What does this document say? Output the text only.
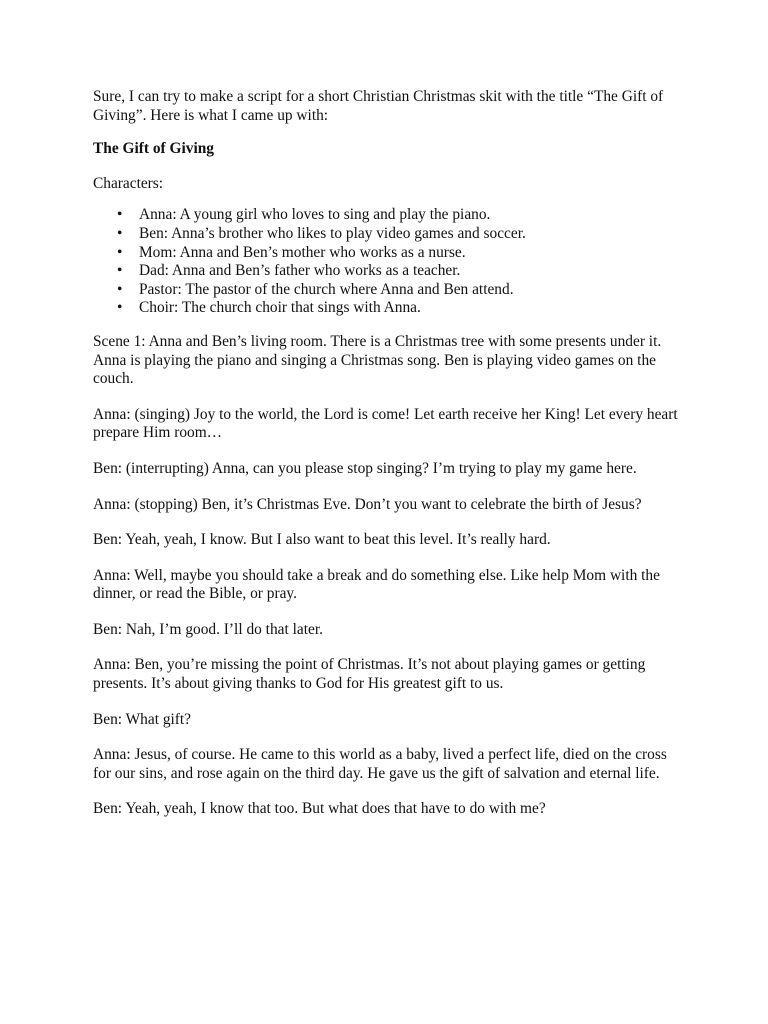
Sure, I can try to make a script for a short Christian Christmas skit with the title “The Gift of Giving”. Here is what I came up with:

The Gift of Giving

Characters:

• Anna: A young girl who loves to sing and play the piano.
• Ben: Anna’s brother who likes to play video games and soccer.
• Mom: Anna and Ben’s mother who works as a nurse.
• Dad: Anna and Ben’s father who works as a teacher.
• Pastor: The pastor of the church where Anna and Ben attend.
• Choir: The church choir that sings with Anna.

Scene 1: Anna and Ben’s living room. There is a Christmas tree with some presents under it. Anna is playing the piano and singing a Christmas song. Ben is playing video games on the couch.

Anna: (singing) Joy to the world, the Lord is come! Let earth receive her King! Let every heart prepare Him room…

Ben: (interrupting) Anna, can you please stop singing? I’m trying to play my game here.

Anna: (stopping) Ben, it’s Christmas Eve. Don’t you want to celebrate the birth of Jesus?

Ben: Yeah, yeah, I know. But I also want to beat this level. It’s really hard.

Anna: Well, maybe you should take a break and do something else. Like help Mom with the dinner, or read the Bible, or pray.

Ben: Nah, I’m good. I’ll do that later.

Anna: Ben, you’re missing the point of Christmas. It’s not about playing games or getting presents. It’s about giving thanks to God for His greatest gift to us.

Ben: What gift?

Anna: Jesus, of course. He came to this world as a baby, lived a perfect life, died on the cross for our sins, and rose again on the third day. He gave us the gift of salvation and eternal life.

Ben: Yeah, yeah, I know that too. But what does that have to do with me?
